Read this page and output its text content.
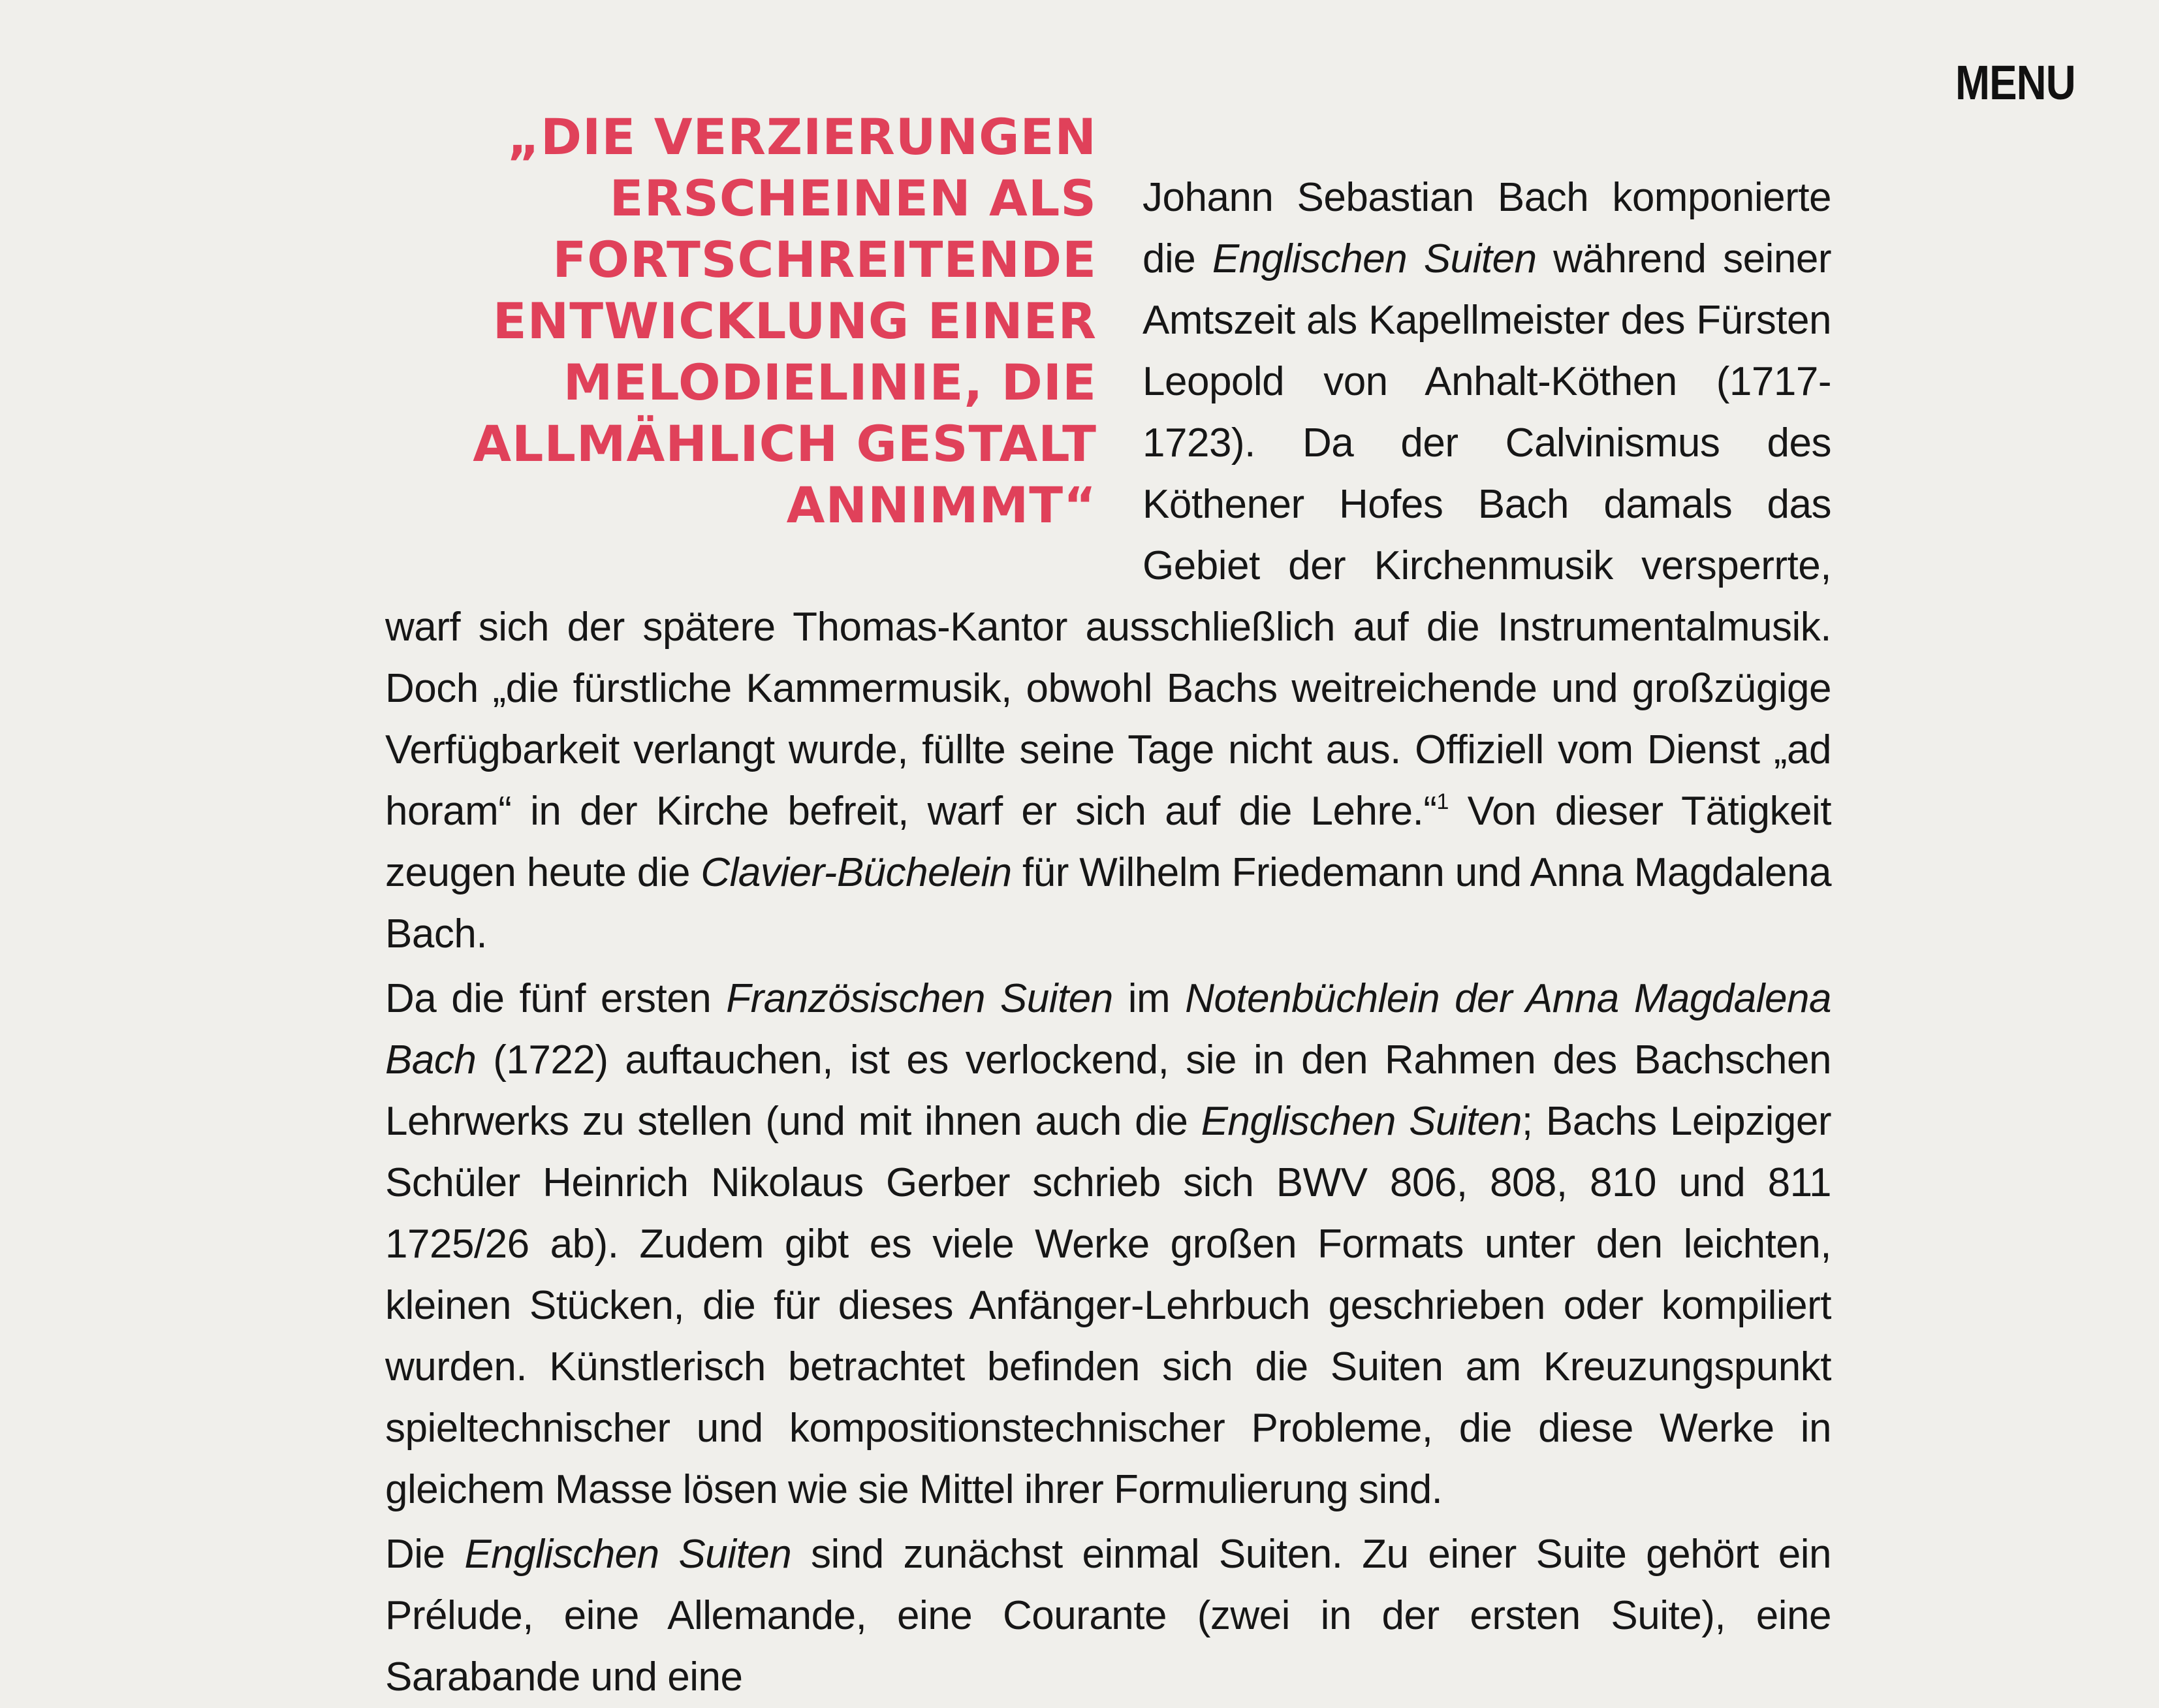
MENU
„DIE VERZIERUNGEN ERSCHEINEN ALS FORTSCHREITENDE ENTWICKLUNG EINER MELODIELINIE, DIE ALLMÄHLICH GESTALT ANNIMMT“

Johann Sebastian Bach komponierte die Englischen Suiten während seiner Amtszeit als Kapellmeister des Fürsten Leopold von Anhalt-Köthen (1717-1723). Da der Calvinismus des Köthener Hofes Bach damals das Gebiet der Kirchenmusik versperrte, warf sich der spätere Thomas-Kantor ausschließlich auf die Instrumentalmusik. Doch „die fürstliche Kammermusik, obwohl Bachs weitreichende und großzügige Verfügbarkeit verlangt wurde, füllte seine Tage nicht aus. Offiziell vom Dienst „ad horam“ in der Kirche befreit, warf er sich auf die Lehre.“$^1$ Von dieser Tätigkeit zeugen heute die Clavier-Büchelein für Wilhelm Friedemann und Anna Magdalena Bach.

Da die fünf ersten Französischen Suiten im Notenbüchlein der Anna Magdalena Bach (1722) auftauchen, ist es verlockend, sie in den Rahmen des Bachschen Lehrwerks zu stellen (und mit ihnen auch die Englischen Suiten; Bachs Leipziger Schüler Heinrich Nikolaus Gerber schrieb sich BWV 806, 808, 810 und 811 1725/26 ab). Zudem gibt es viele Werke großen Formats unter den leichten, kleinen Stücken, die für dieses Anfänger-Lehrbuch geschrieben oder kompiliert wurden. Künstlerisch betrachtet befinden sich die Suiten am Kreuzungspunkt spieltechnischer und kompositionstechnischer Probleme, die diese Werke in gleichem Masse lösen wie sie Mittel ihrer Formulierung sind.

Die Englischen Suiten sind zunächst einmal Suiten. Zu einer Suite gehört ein Prélude, eine Allemande, eine Courante (zwei in der ersten Suite), eine Sarabande und eine
